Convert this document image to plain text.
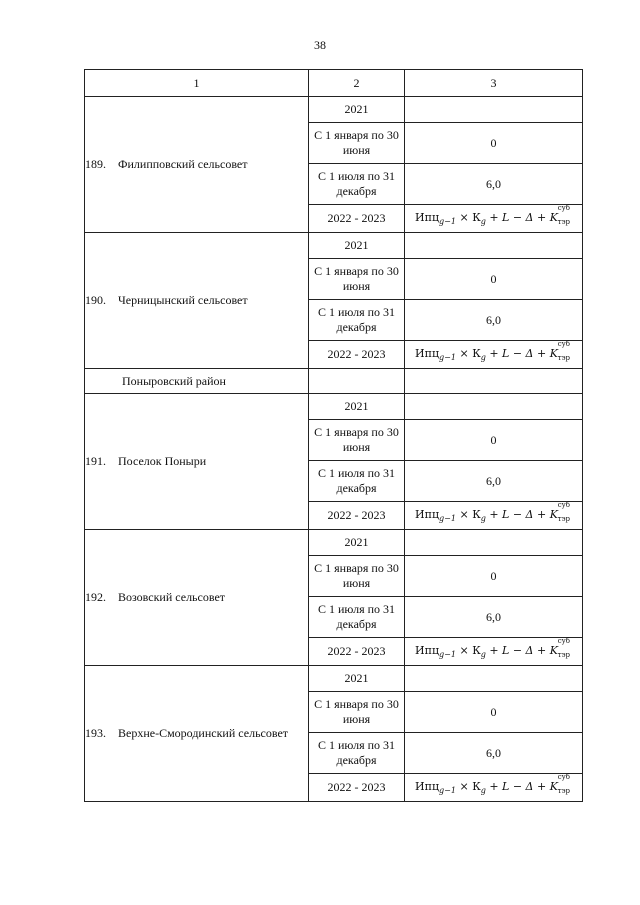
38
1	2	3
189. Филипповский сельсовет	2021	
	С 1 января по 30 июня	0
	С 1 июля по 31 декабря	6,0
	2022 - 2023	$Ипц_{g-1} \times К_g + L - \Delta + K$
суб
тэр

190. Черницынский сельсовет	2021	
	С 1 января по 30 июня	0
	С 1 июля по 31 декабря	6,0
	2022 - 2023	$Ипц_{g-1} \times К_g + L - \Delta + K$
суб
тэр

Поныровский район		
191. Поселок Поныри	2021	
	С 1 января по 30 июня	0
	С 1 июля по 31 декабря	6,0
	2022 - 2023	$Ипц_{g-1} \times К_g + L - \Delta + K$
суб
тэр

192. Возовский сельсовет	2021	
	С 1 января по 30 июня	0
	С 1 июля по 31 декабря	6,0
	2022 - 2023	$Ипц_{g-1} \times К_g + L - \Delta + K$
суб
тэр

193. Верхне-Смородинский сельсовет	2021	
	С 1 января по 30 июня	0
	С 1 июля по 31 декабря	6,0
	2022 - 2023	$Ипц_{g-1} \times К_g + L - \Delta + K$
суб
тэр
